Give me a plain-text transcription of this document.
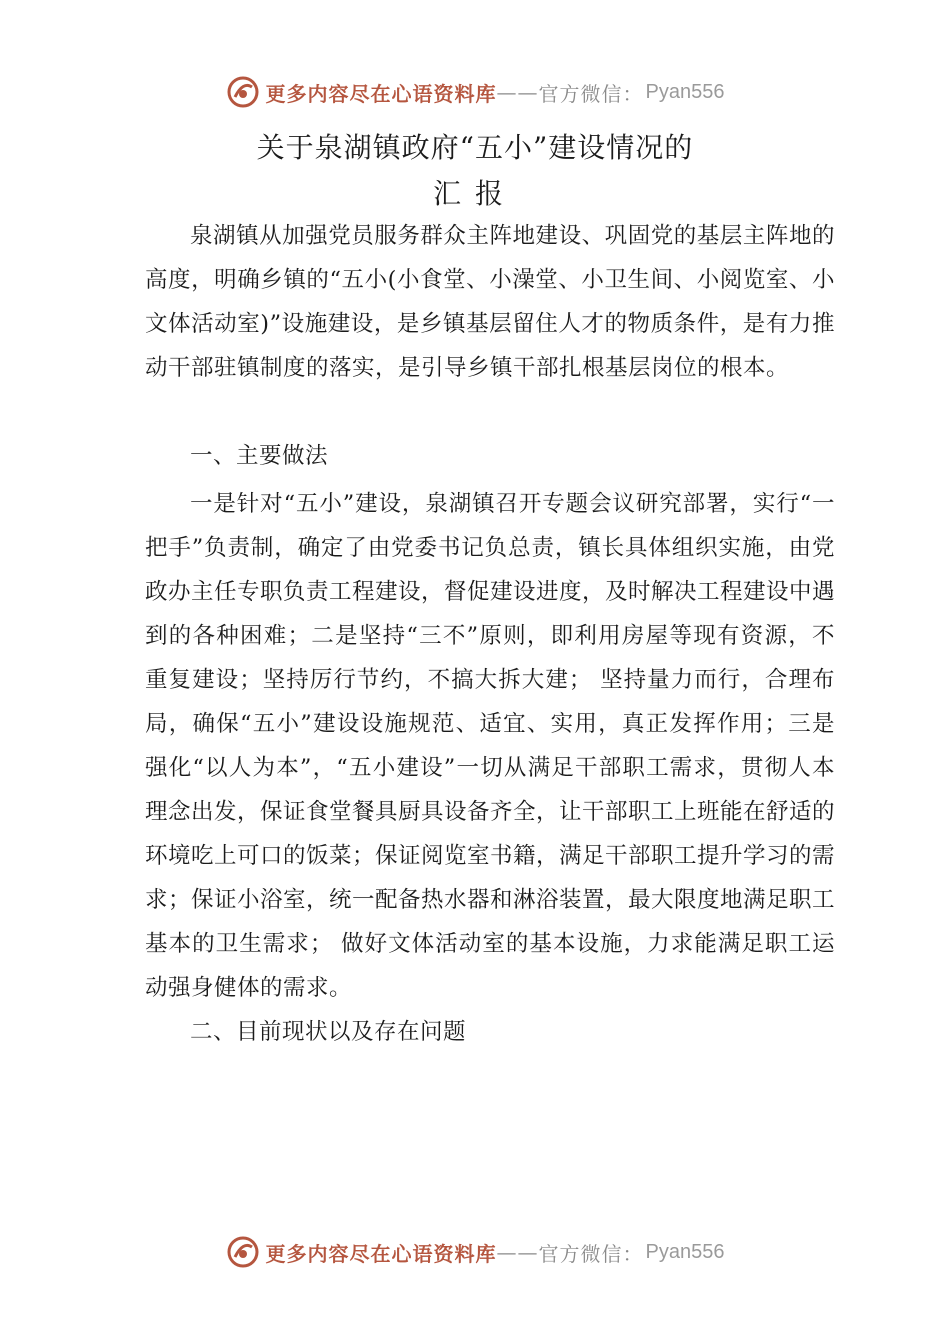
更多内容尽在心语资料库 —— 官方微信： Pyan556
关于泉湖镇政府“五小”建设情况的
汇报

泉湖镇从加强党员服务群众主阵地建设、巩固党的基层主阵地的高度，明确乡镇的“五小(小食堂、小澡堂、小卫生间、小阅览室、小文体活动室)”设施建设，是乡镇基层留住人才的物质条件，是有力推动干部驻镇制度的落实，是引导乡镇干部扎根基层岗位的根本。

一、主要做法

一是针对“五小”建设，泉湖镇召开专题会议研究部署，实行“一把手”负责制，确定了由党委书记负总责，镇长具体组织实施，由党政办主任专职负责工程建设，督促建设进度，及时解决工程建设中遇到的各种困难；二是坚持“三不”原则，即利用房屋等现有资源，不重复建设；坚持厉行节约，不搞大拆大建； 坚持量力而行，合理布局，确保“五小”建设设施规范、适宜、实用，真正发挥作用；三是强化“以人为本”，“五小建设”一切从满足干部职工需求，贯彻人本理念出发，保证食堂餐具厨具设备齐全，让干部职工上班能在舒适的环境吃上可口的饭菜；保证阅览室书籍，满足干部职工提升学习的需求；保证小浴室，统一配备热水器和淋浴装置，最大限度地满足职工基本的卫生需求； 做好文体活动室的基本设施，力求能满足职工运动强身健体的需求。

二、目前现状以及存在问题

更多内容尽在心语资料库 —— 官方微信： Pyan556
